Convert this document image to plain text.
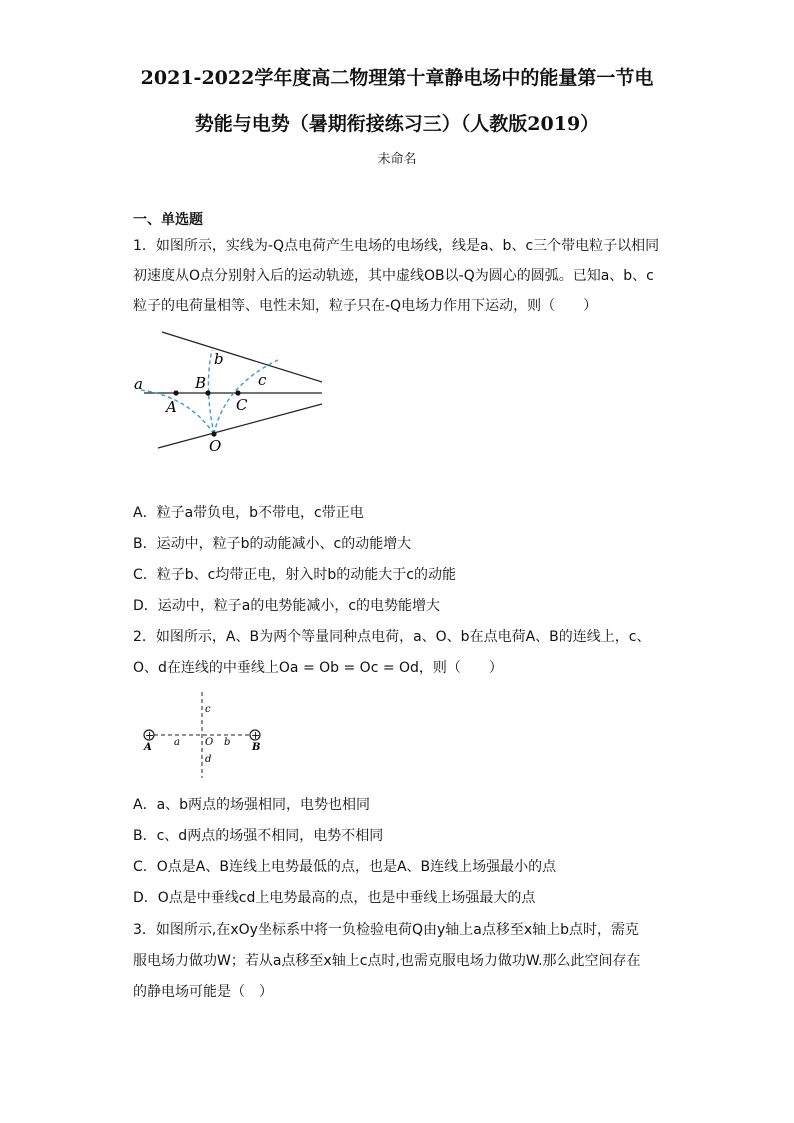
2021-2022学年度高二物理第十章静电场中的能量第一节电
势能与电势（暑期衔接练习三）（人教版2019）
未命名
一、单选题
1．如图所示，实线为-Q点电荷产生电场的电场线，线是a、b、c三个带电粒子以相同
初速度从O点分别射入后的运动轨迹，其中虚线OB以-Q为圆心的圆弧。已知a、b、c
粒子的电荷量相等、电性未知，粒子只在-Q电场力作用下运动，则（　　）
a
b
c
A
B
C
O
A．粒子a带负电，b不带电，c带正电
B．运动中，粒子b的动能减小、c的动能增大
C．粒子b、c均带正电，射入时b的动能大于c的动能
D．运动中，粒子a的电势能减小，c的电势能增大
2．如图所示，A、B为两个等量同种点电荷，a、O、b在点电荷A、B的连线上，c、
O、d在连线的中垂线上Oa = Ob = Oc = Od，则（　　）
+	+
A	B
a	O b
c
d
A．a、b两点的场强相同，电势也相同
B．c、d两点的场强不相同，电势不相同
C．O点是A、B连线上电势最低的点，也是A、B连线上场强最小的点
D．O点是中垂线cd上电势最高的点，也是中垂线上场强最大的点
3．如图所示,在xOy坐标系中将一负检验电荷Q由y轴上a点移至x轴上b点时，需克
服电场力做功W；若从a点移至x轴上c点时,也需克服电场力做功W.那么此空间存在
的静电场可能是（　）
